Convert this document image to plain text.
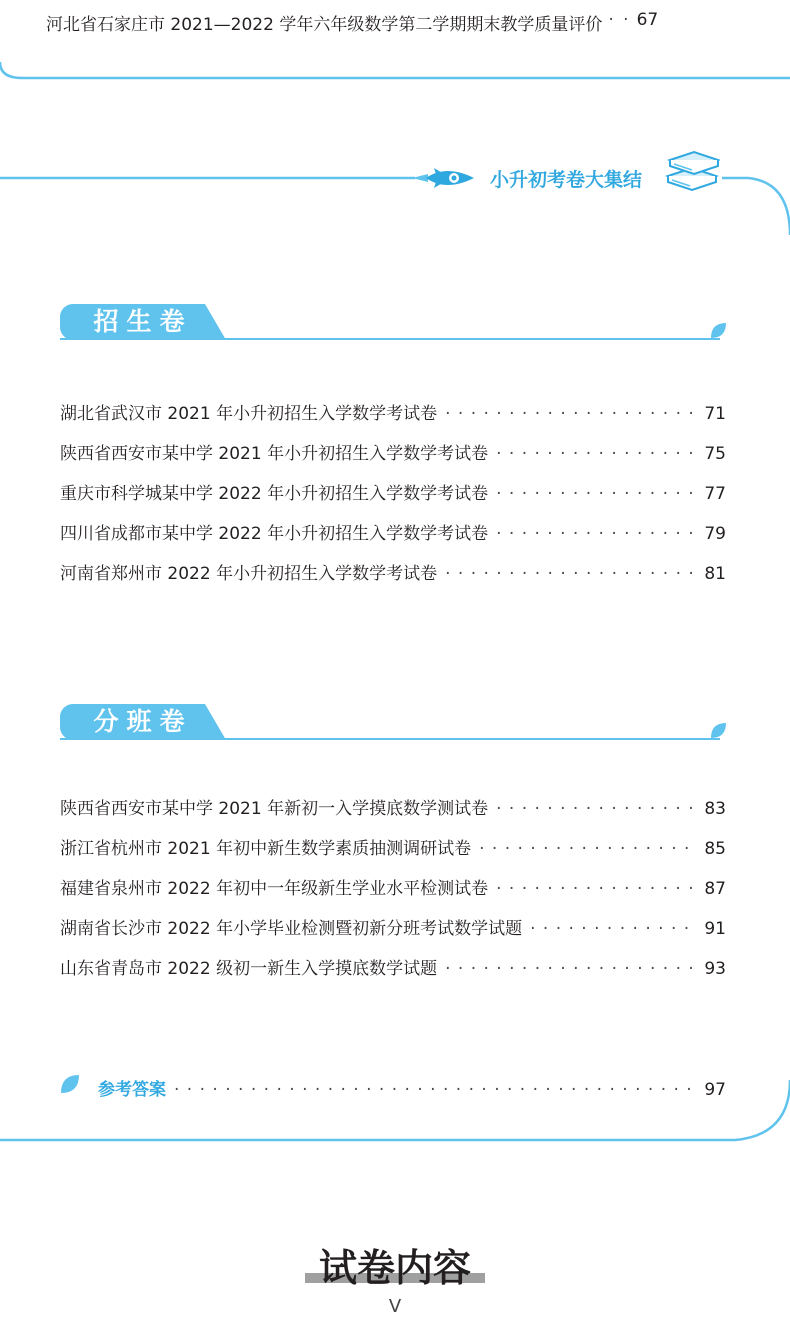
河北省石家庄市 2021—2022 学年六年级数学第二学期期末教学质量评价 · · 67
小升初考卷大集结
招生卷
湖北省武汉市 2021 年小升初招生入学数学考试卷 · · ·	71
陕西省西安市某中学 2021 年小升初招生入学数学考试卷 · · ·	75
重庆市科学城某中学 2022 年小升初招生入学数学考试卷 · · ·	77
四川省成都市某中学 2022 年小升初招生入学数学考试卷 · · ·	79
河南省郑州市 2022 年小升初招生入学数学考试卷 · · ·	81
分班卷
陕西省西安市某中学 2021 年新初一入学摸底数学测试卷 · · ·	83
浙江省杭州市 2021 年初中新生数学素质抽测调研试卷 · · ·	85
福建省泉州市 2022 年初中一年级新生学业水平检测试卷 · · ·	87
湖南省长沙市 2022 年小学毕业检测暨初新分班考试数学试题 · · ·	91
山东省青岛市 2022 级初一新生入学摸底数学试题 · · ·	93
参考答案 · · ·	97
试卷内容
V
